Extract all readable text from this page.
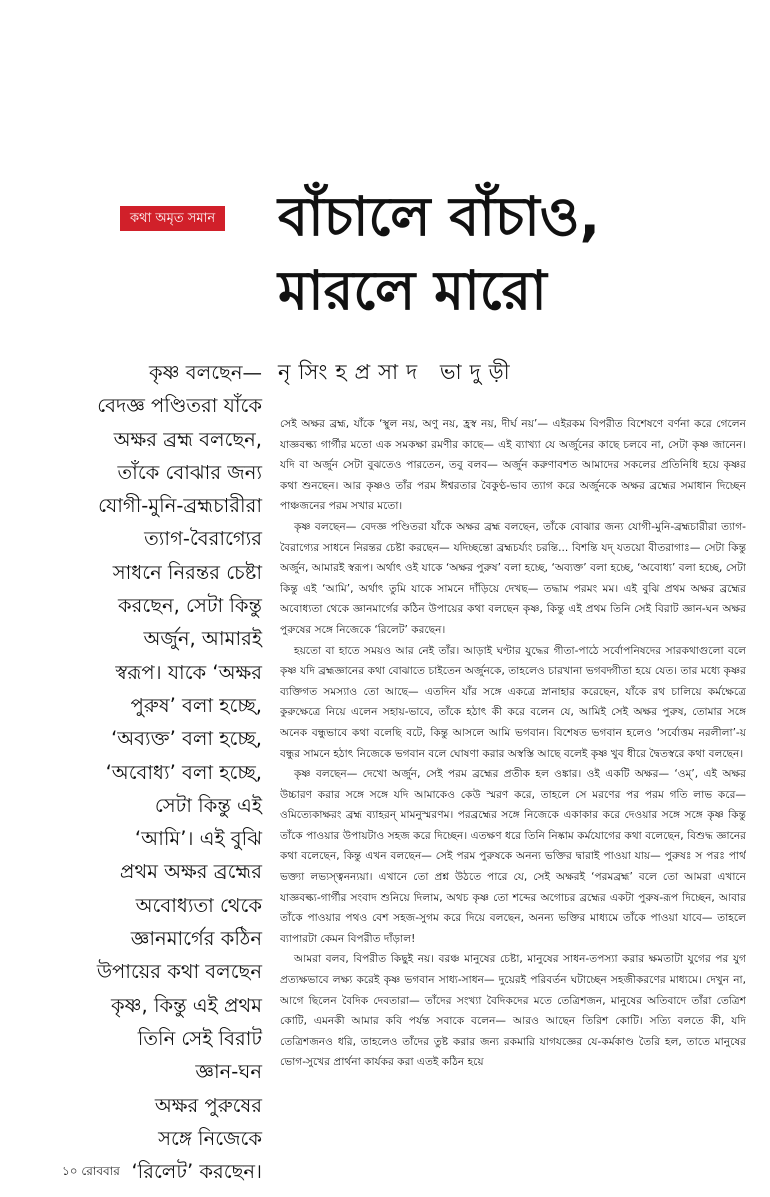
কথা অমৃত সমান বাঁচালে বাঁচাও,
মারলে মারো
নৃসিংহপ্রসাদ ভাদুড়ী
কৃষ্ণ বলছেন—
বেদজ্ঞ পণ্ডিতরা যাঁকে
অক্ষর ব্রহ্ম বলছেন,
তাঁকে বোঝার জন্য
যোগী-মুনি-ব্রহ্মচারীরা
ত্যাগ-বৈরাগ্যের
সাধনে নিরন্তর চেষ্টা
করছেন, সেটা কিন্তু
অর্জুন, আমারই
স্বরূপ। যাকে ‘অক্ষর
পুরুষ’ বলা হচ্ছে,
‘অব্যক্ত’ বলা হচ্ছে,
‘অবোধ্য’ বলা হচ্ছে,
সেটা কিন্তু এই
‘আমি’। এই বুঝি
প্রথম অক্ষর ব্রহ্মের
অবোধ্যতা থেকে
জ্ঞানমার্গের কঠিন
উপায়ের কথা বলছেন
কৃষ্ণ, কিন্তু এই প্রথম
তিনি সেই বিরাট
জ্ঞান-ঘন
অক্ষর পুরুষের
সঙ্গে নিজেকে
‘রিলেট’ করছেন।

সেই অক্ষর ব্রহ্ম, যাঁকে ‘স্থুল নয়, অণু নয়, হ্রস্ব নয়, দীর্ঘ নয়’— এইরকম বিপরীত বিশেষণে বর্ণনা করে গেলেন যাজ্ঞবল্ক্য গার্গীর মতো এক সমকক্ষা রমণীর কাছে— এই ব্যাখ্যা যে অর্জুনের কাছে চলবে না, সেটা কৃষ্ণ জানেন। যদি বা অর্জুন সেটা বুঝতেও পারতেন, তবু বলব— অর্জুন করুণাবশত আমাদের সকলের প্রতিনিধি হয়ে কৃষ্ণর কথা শুনছেন। আর কৃষ্ণও তাঁর পরম ঈশ্বরতার বৈকুণ্ঠ-ভাব ত্যাগ করে অর্জুনকে অক্ষর ব্রহ্মের সমাধান দিচ্ছেন পাঞ্চজনের পরম সখার মতো।

কৃষ্ণ বলছেন— বেদজ্ঞ পণ্ডিতরা যাঁকে অক্ষর ব্রহ্ম বলছেন, তাঁকে বোঝার জন্য যোগী-মুনি-ব্রহ্মচারীরা ত্যাগ-বৈরাগ্যের সাধনে নিরন্তর চেষ্টা করছেন— যদিচ্ছন্তো ব্রহ্মচর্য্যং চরন্তি... বিশন্তি যদ্ যতয়ো বীতরাগাঃ— সেটা কিন্তু অর্জুন, আমারই স্বরূপ। অর্থাৎ ওই যাকে ‘অক্ষর পুরুষ’ বলা হচ্ছে, ‘অব্যক্ত’ বলা হচ্ছে, ‘অবোধ্য’ বলা হচ্ছে, সেটা কিন্তু এই ‘আমি’, অর্থাৎ তুমি যাকে সামনে দাঁড়িয়ে দেখছ— তদ্ধাম পরমং মম। এই বুঝি প্রথম অক্ষর ব্রহ্মের অবোধ্যতা থেকে জ্ঞানমার্গের কঠিন উপায়ের কথা বলছেন কৃষ্ণ, কিন্তু এই প্রথম তিনি সেই বিরাট জ্ঞান-ঘন অক্ষর পুরুষের সঙ্গে নিজেকে ‘রিলেট’ করছেন।

হয়তো বা হাতে সময়ও আর নেই তাঁর। আড়াই ঘণ্টার যুদ্ধের গীতা-পাঠে সর্বোপনিষদের সারকথাগুলো বলে কৃষ্ণ যদি ব্রহ্মজ্ঞানের কথা বোঝাতে চাইতেন অর্জুনকে, তাহলেও চারখানা ভগবদ্গীতা হয়ে যেত। তার মধ্যে কৃষ্ণর ব্যক্তিগত সমস্যাও তো আছে— এতদিন যাঁর সঙ্গে একত্রে স্নানাহার করেছেন, যাঁকে রথ চালিয়ে কর্মক্ষেত্রে কুরুক্ষেত্রে নিয়ে এলেন সহায়-ভাবে, তাঁকে হঠাৎ কী করে বলেন যে, আমিই সেই অক্ষর পুরুষ, তোমার সঙ্গে অনেক বন্ধুভাবে কথা বলেছি বটে, কিন্তু আসলে আমি ভগবান। বিশেষত ভগবান হলেও ‘সর্বোত্তম নরলীলা’-য় বন্ধুর সামনে হঠাৎ নিজেকে ভগবান বলে ঘোষণা করার অস্বস্তি আছে বলেই কৃষ্ণ খুব ধীরে দ্বৈতস্বরে কথা বলছেন।

কৃষ্ণ বলছেন— দেখো অর্জুন, সেই পরম ব্রহ্মের প্রতীক হল ওঙ্কার। ওই একটি অক্ষর— ‘ওম্’, এই অক্ষর উচ্চারণ করার সঙ্গে সঙ্গে যদি আমাকেও কেউ স্মরণ করে, তাহলে সে মরণের পর পরম গতি লাভ করে— ওমিত্যেকাক্ষরং ব্রহ্ম ব্যাহরন্ মামনুস্মরণম। পরব্রহ্মের সঙ্গে নিজেকে একাকার করে দেওয়ার সঙ্গে সঙ্গে কৃষ্ণ কিন্তু তাঁকে পাওয়ার উপায়টাও সহজ করে দিচ্ছেন। এতক্ষণ ধরে তিনি নিষ্কাম কর্মযোগের কথা বলেছেন, বিশুদ্ধ জ্ঞানের কথা বলেছেন, কিন্তু এখন বলছেন— সেই পরম পুরুষকে অনন্য ভক্তির দ্বারাই পাওয়া যায়— পুরুষঃ স পরঃ পার্থ ভক্ত্যা লভ্যস্ত্বনন্যয়া। এখানে তো প্রশ্ন উঠতে পারে যে, সেই অক্ষরই ‘পরমব্রহ্ম’ বলে তো আমরা এখানে যাজ্ঞবল্ক্য-গার্গীর সংবাদ শুনিয়ে দিলাম, অথচ কৃষ্ণ তো শব্দের অগোচর ব্রহ্মের একটা পুরুষ-রূপ দিচ্ছেন, আবার তাঁকে পাওয়ার পথও বেশ সহজ-সুগম করে দিয়ে বলছেন, অনন্য ভক্তির মাধ্যমে তাঁকে পাওয়া যাবে— তাহলে ব্যাপারটা কেমন বিপরীত দাঁড়াল!

আমরা বলব, বিপরীত কিছুই নয়। বরঞ্চ মানুষের চেষ্টা, মানুষের সাধন-তপস্যা করার ক্ষমতাটা যুগের পর যুগ প্রত্যক্ষভাবে লক্ষ্য করেই কৃষ্ণ ভগবান সাধ্য-সাধন— দুয়েরই পরিবর্তন ঘটাচ্ছেন সহজীকরণের মাধ্যমে। দেখুন না, আগে ছিলেন বৈদিক দেবতারা— তাঁদের সংখ্যা বৈদিকদের মতে তেত্রিশজন, মানুষের অতিবাদে তাঁরা তেত্রিশ কোটি, এমনকী আমার কবি পর্যন্ত সবাকে বলেন— আরও আছেন তিরিশ কোটি। সত্যি বলতে কী, যদি তেত্রিশজনও ধরি, তাহলেও তাঁদের তুষ্ট করার জন্য রকমারি যাগযজ্ঞের যে-কর্মকাণ্ড তৈরি হল, তাতে মানুষের ভোগ-সুখের প্রার্থনা কার্যকর করা এতই কঠিন হয়ে

১০ রোববার
